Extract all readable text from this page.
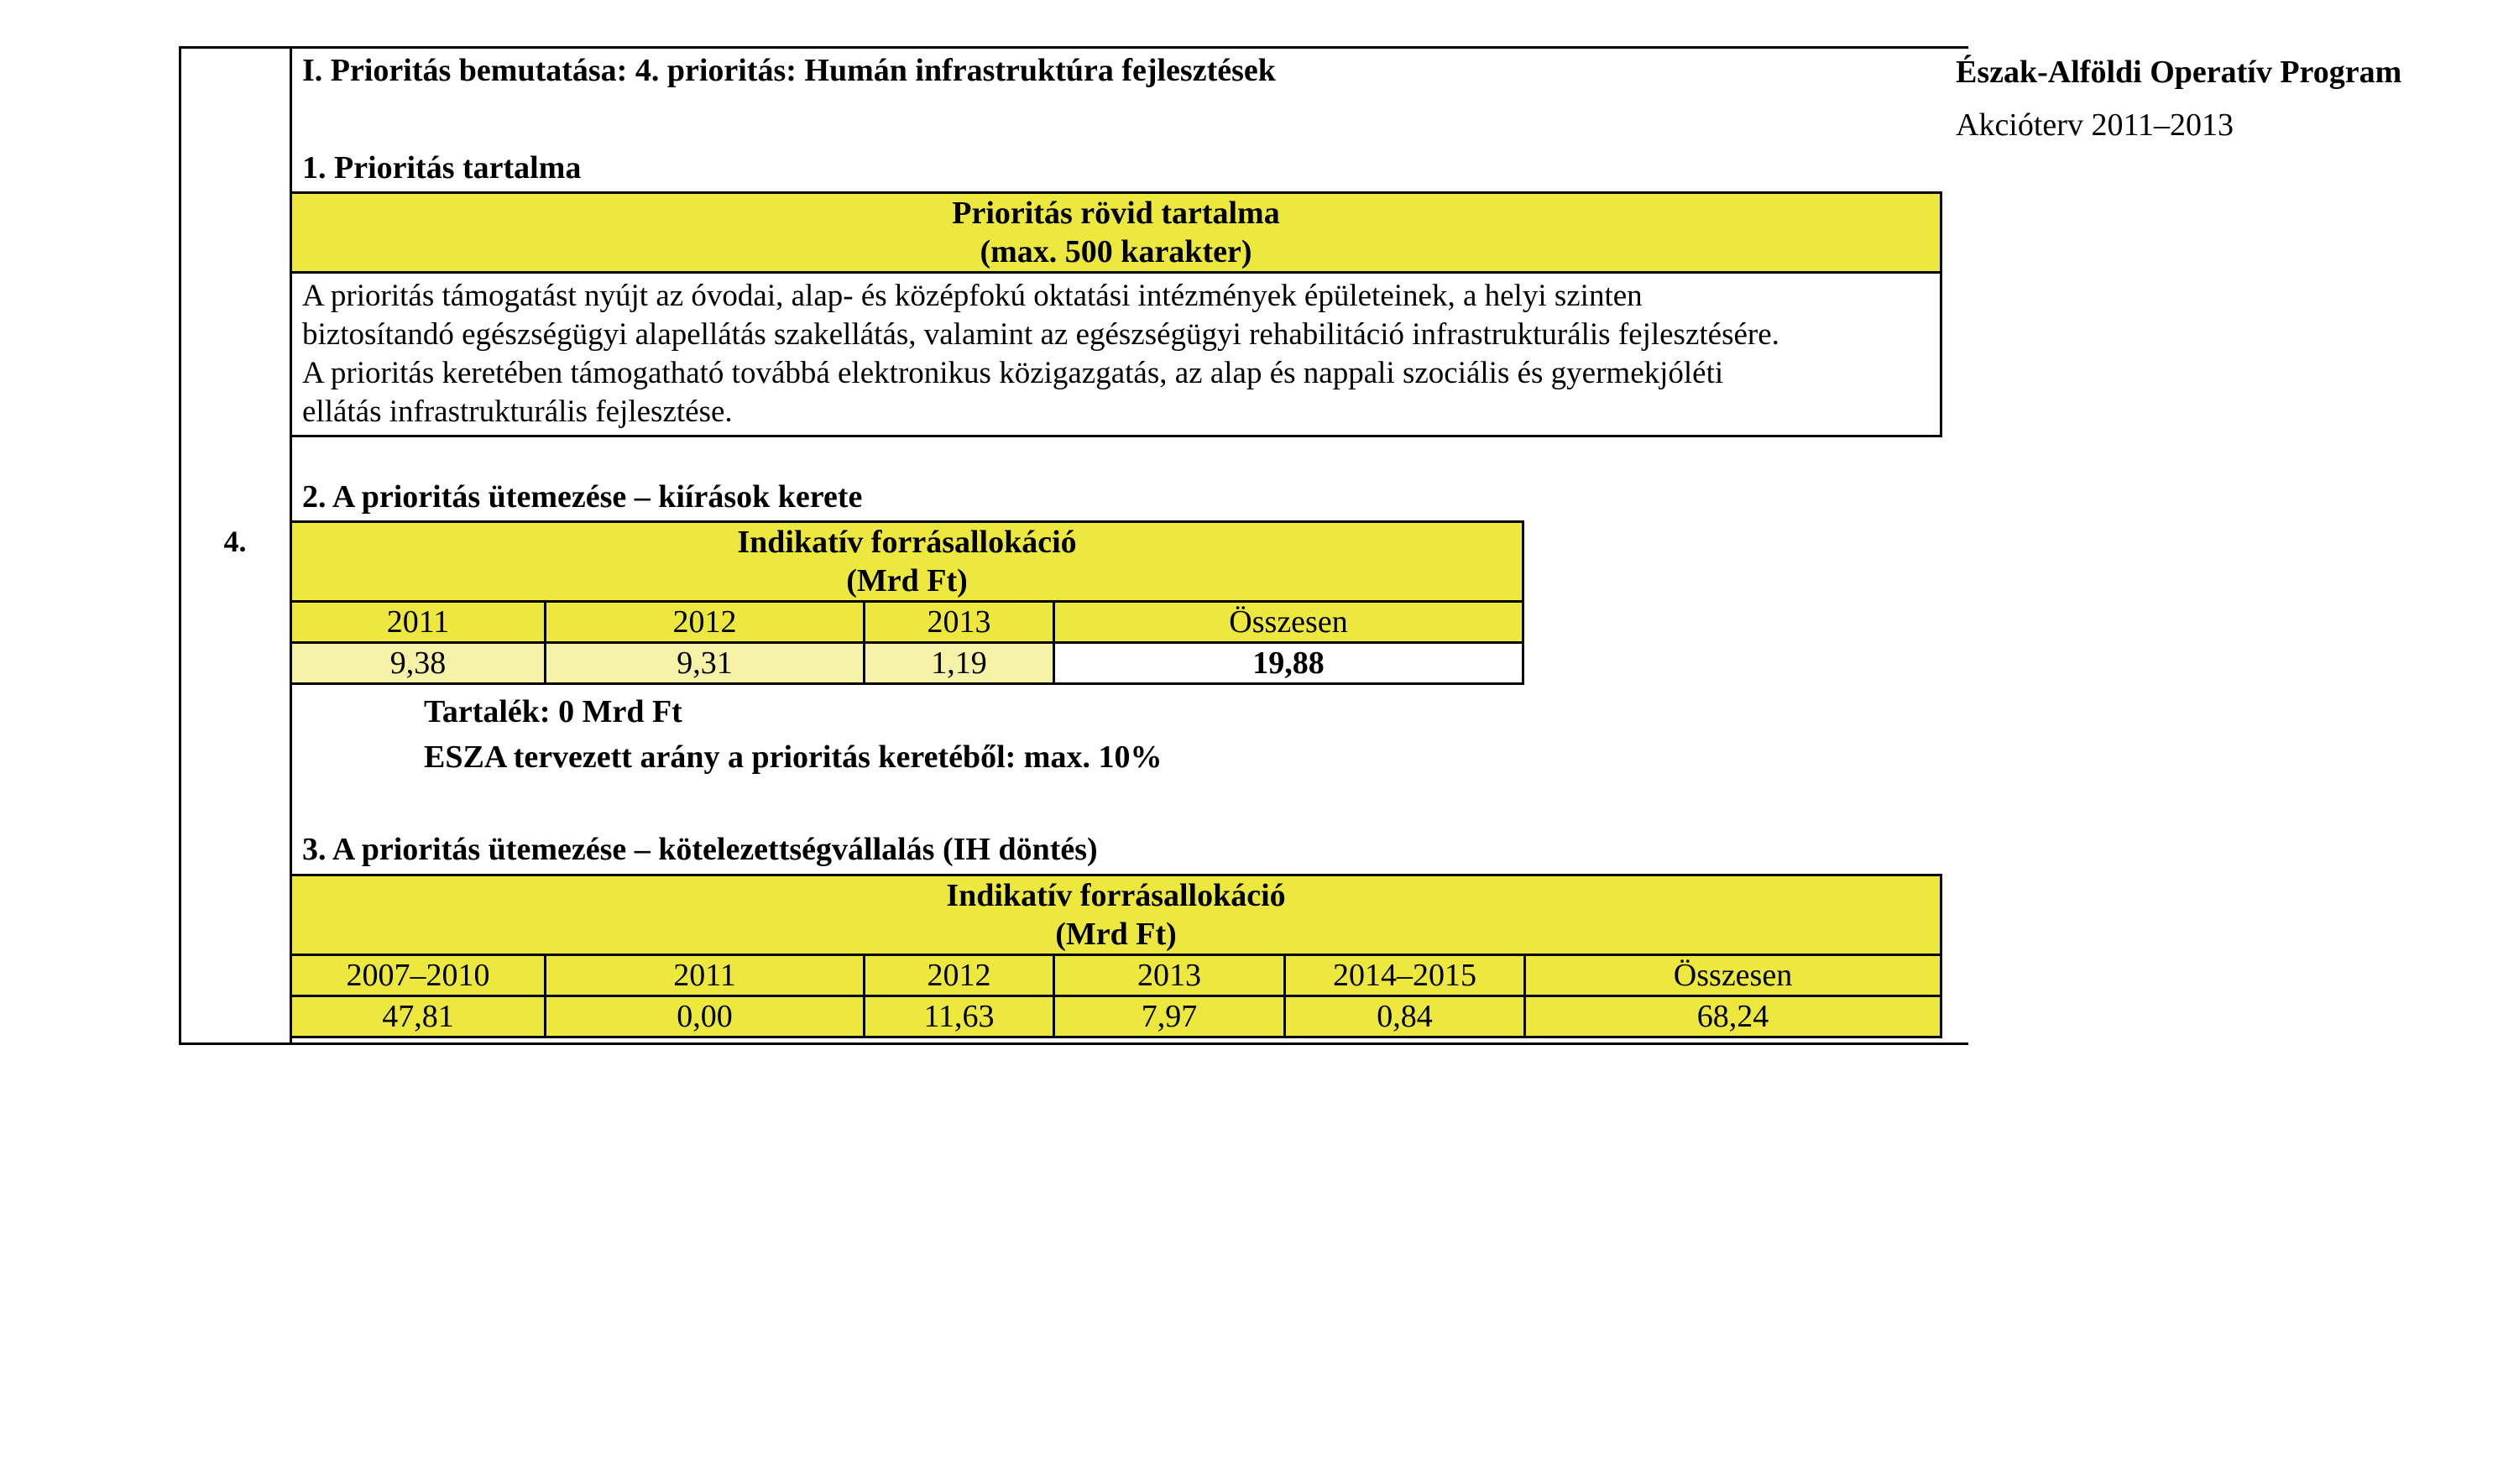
Észak-Alföldi Operatív Program
Akcióterv 2011–2013
4.
I. Prioritás bemutatása: 4. prioritás: Humán infrastruktúra fejlesztések
1. Prioritás tartalma
Prioritás rövid tartalma
(max. 500 karakter)

A prioritás támogatást nyújt az óvodai, alap- és középfokú oktatási intézmények épületeinek, a helyi szinten
biztosítandó egészségügyi alapellátás szakellátás, valamint az egészségügyi rehabilitáció infrastrukturális fejlesztésére.
A prioritás keretében támogatható továbbá elektronikus közigazgatás, az alap és nappali szociális és gyermekjóléti
ellátás infrastrukturális fejlesztése.
2. A prioritás ütemezése – kiírások kerete
Indikatív forrásallokáció
(Mrd Ft)			

2011	2012	2013	Összesen
9,38	9,31	1,19	19,88
Tartalék: 0 Mrd Ft
ESZA tervezett arány a prioritás keretéből: max. 10%
3. A prioritás ütemezése – kötelezettségvállalás (IH döntés)
Indikatív forrásallokáció
(Mrd Ft)					

2007–2010	2011	2012	2013	2014–2015	Összesen
47,81	0,00	11,63	7,97	0,84	68,24
